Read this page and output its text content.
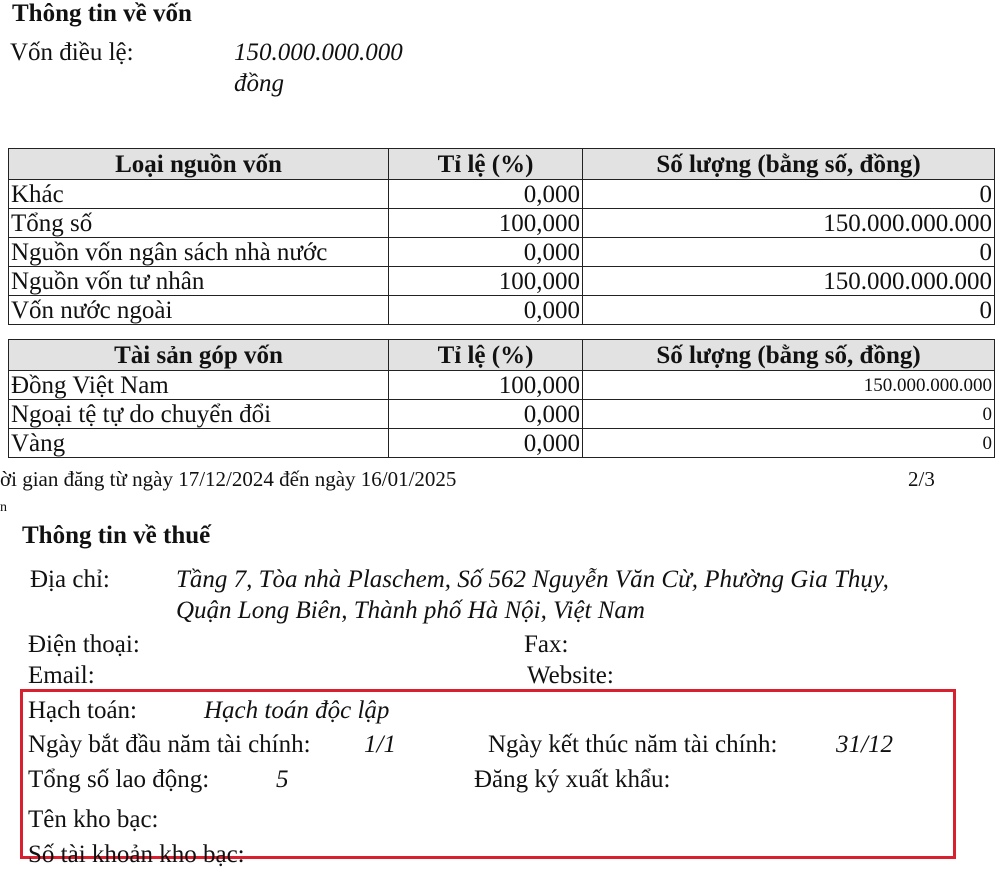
Thông tin về vốn
Vốn điều lệ:	150.000.000.000
đồng
Loại nguồn vốn	Tỉ lệ (%)	Số lượng (bằng số, đồng)
Khác	0,000	0
Tổng số	100,000	150.000.000.000
Nguồn vốn ngân sách nhà nước	0,000	0
Nguồn vốn tư nhân	100,000	150.000.000.000
Vốn nước ngoài	0,000	0
Tài sản góp vốn	Tỉ lệ (%)	Số lượng (bằng số, đồng)
Đồng Việt Nam	100,000	150.000.000.000
Ngoại tệ tự do chuyển đổi	0,000	0
Vàng	0,000	0
ời gian đăng từ ngày 17/12/2024 đến ngày 16/01/2025	2/3
n
Thông tin về thuế
Địa chỉ:	Tầng 7, Tòa nhà Plaschem, Số 562 Nguyễn Văn Cừ, Phường Gia Thụy,
Quận Long Biên, Thành phố Hà Nội, Việt Nam
Điện thoại:	Fax:
Email:	Website:
Hạch toán:	Hạch toán độc lập
Ngày bắt đầu năm tài chính: 1/1	Ngày kết thúc năm tài chính: 31/12
Tổng số lao động:	5	Đăng ký xuất khẩu:
Tên kho bạc:
Số tài khoản kho bạc:
